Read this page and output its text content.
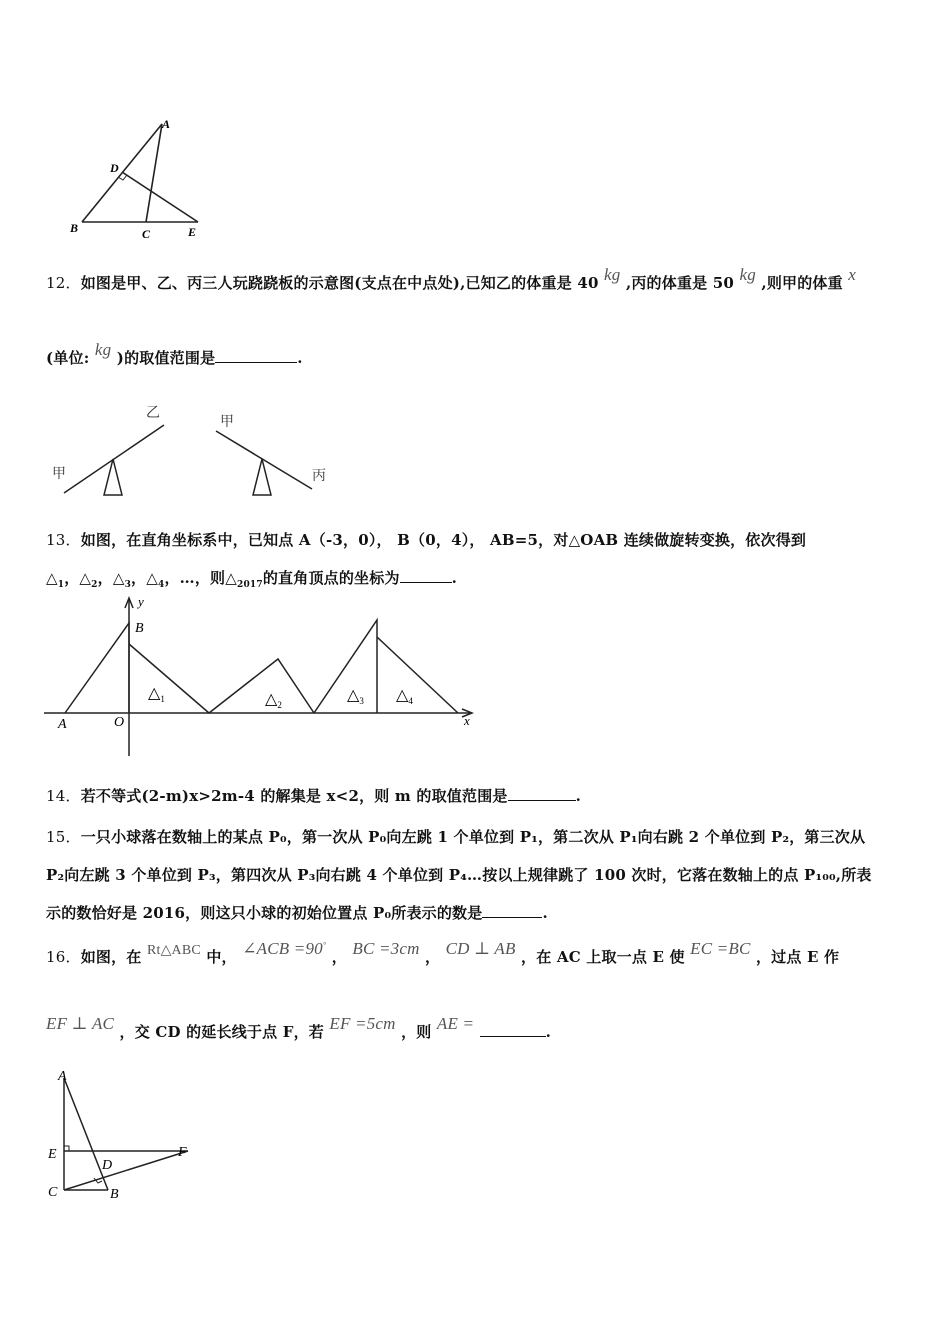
A
D
B	C	E
12．如图是甲、乙、丙三人玩跷跷板的示意图(支点在中点处),已知乙的体重是 40 kg ,丙的体重是 50 kg ,则甲的体重 x
(单位: kg )的取值范围是	.
甲
乙
甲
丙
13．如图，在直角坐标系中，已知点 A（-3，0）， B（0，4）， AB=5，对△OAB 连续做旋转变换，依次得到
$\triangle_1$，$\triangle_2$，$\triangle_3$，$\triangle_4$，…，则$\triangle_{2017}$的直角顶点的坐标为	.
y
B
A	O	x
$\triangle_1$	$\triangle_2$
$\triangle_3$ $\triangle_4$
14．若不等式(2-m)x>2m-4 的解集是 x<2，则 m 的取值范围是	.
15．一只小球落在数轴上的某点 P₀，第一次从 P₀向左跳 1 个单位到 P₁，第二次从 P₁向右跳 2 个单位到 P₂，第三次从
P₂向左跳 3 个单位到 P₃，第四次从 P₃向右跳 4 个单位到 P₄…按以上规律跳了 100 次时，它落在数轴上的点 P₁₀₀,所表
示的数恰好是 2016，则这只小球的初始位置点 P₀所表示的数是	.
16．如图，在 Rt△ABC 中， ∠ACB =90° ， BC =3cm ， CD ⊥ AB ，在 AC 上取一点 E 使 EC =BC ，过点 E 作
EF ⊥ AC ，交 CD 的延长线于点 F，若 EF =5cm ，则 AE =	.
A
E	F
D
C	B
